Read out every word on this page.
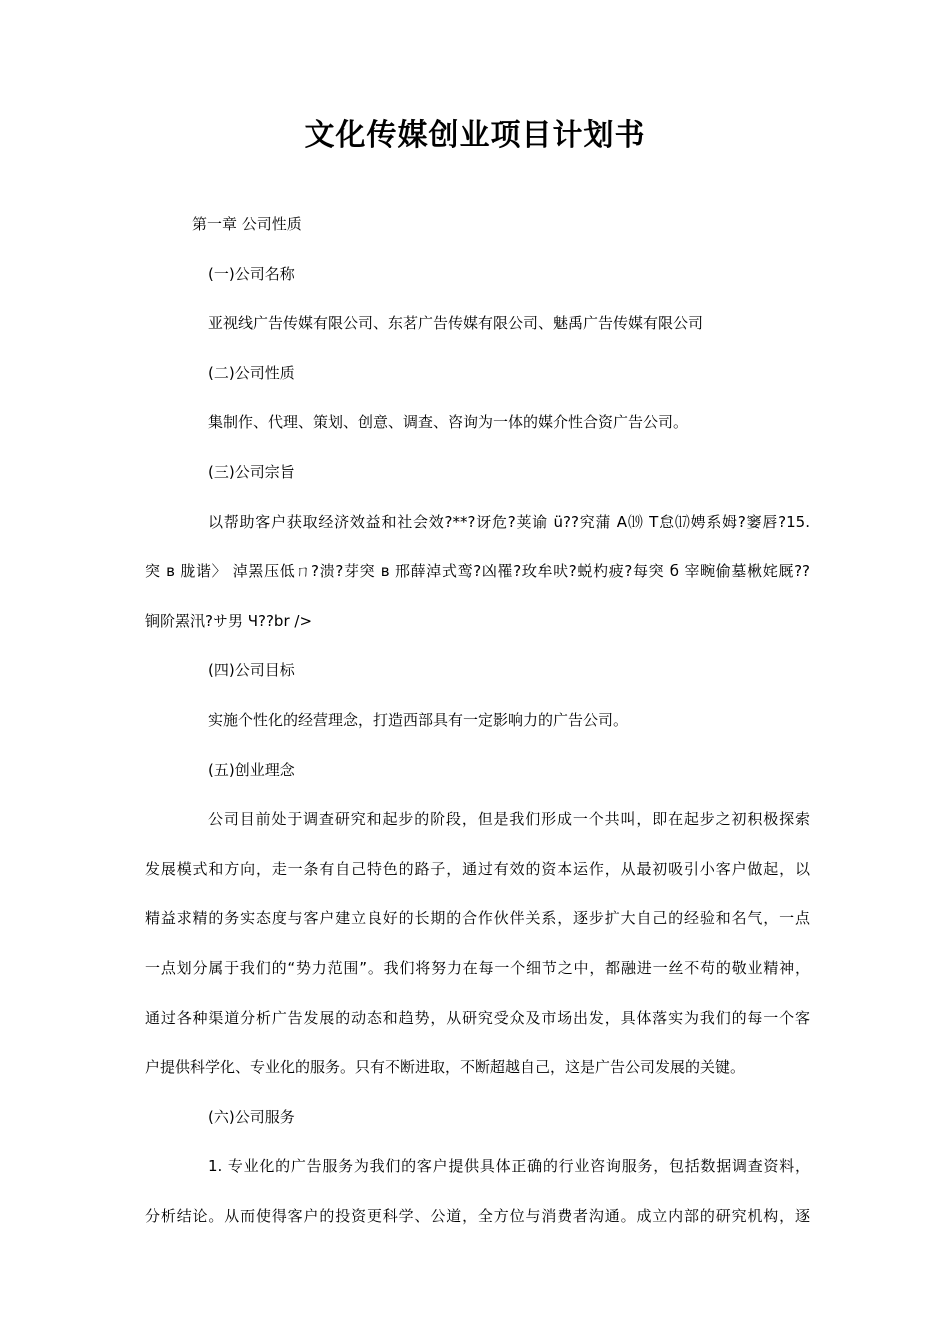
文化传媒创业项目计划书
第一章 公司性质
(一)公司名称
亚视线广告传媒有限公司、东茗广告传媒有限公司、魅禹广告传媒有限公司
(二)公司性质
集制作、代理、策划、创意、调查、咨询为一体的媒介性合资广告公司。
(三)公司宗旨
以帮助客户获取经济效益和社会效?**?讶危?荚谕 ü??究蒲 A⒆ T怠⒄娉系姆?窭唇?15.
突 в 胧谐〉 淖罴压低ㄇ?溃?芽突 в 邢薛淖式鸾?凶罹?玫牟吠?蜕杓疲?每突 б 宰畹偷墓楸姹厩??
锏阶罴汛?サ男 Ч??br />
(四)公司目标
实施个性化的经营理念，打造西部具有一定影响力的广告公司。
(五)创业理念
公司目前处于调查研究和起步的阶段，但是我们形成一个共叫，即在起步之初积极探索
发展模式和方向，走一条有自己特色的路子，通过有效的资本运作，从最初吸引小客户做起，以
精益求精的务实态度与客户建立良好的长期的合作伙伴关系，逐步扩大自己的经验和名气，一点
一点划分属于我们的“势力范围”。我们将努力在每一个细节之中，都融进一丝不苟的敬业精神，
通过各种渠道分析广告发展的动态和趋势，从研究受众及市场出发，具体落实为我们的每一个客
户提供科学化、专业化的服务。只有不断进取，不断超越自己，这是广告公司发展的关键。
(六)公司服务
1. 专业化的广告服务为我们的客户提供具体正确的行业咨询服务，包括数据调查资料，
分析结论。从而使得客户的投资更科学、公道，全方位与消费者沟通。成立内部的研究机构，逐
